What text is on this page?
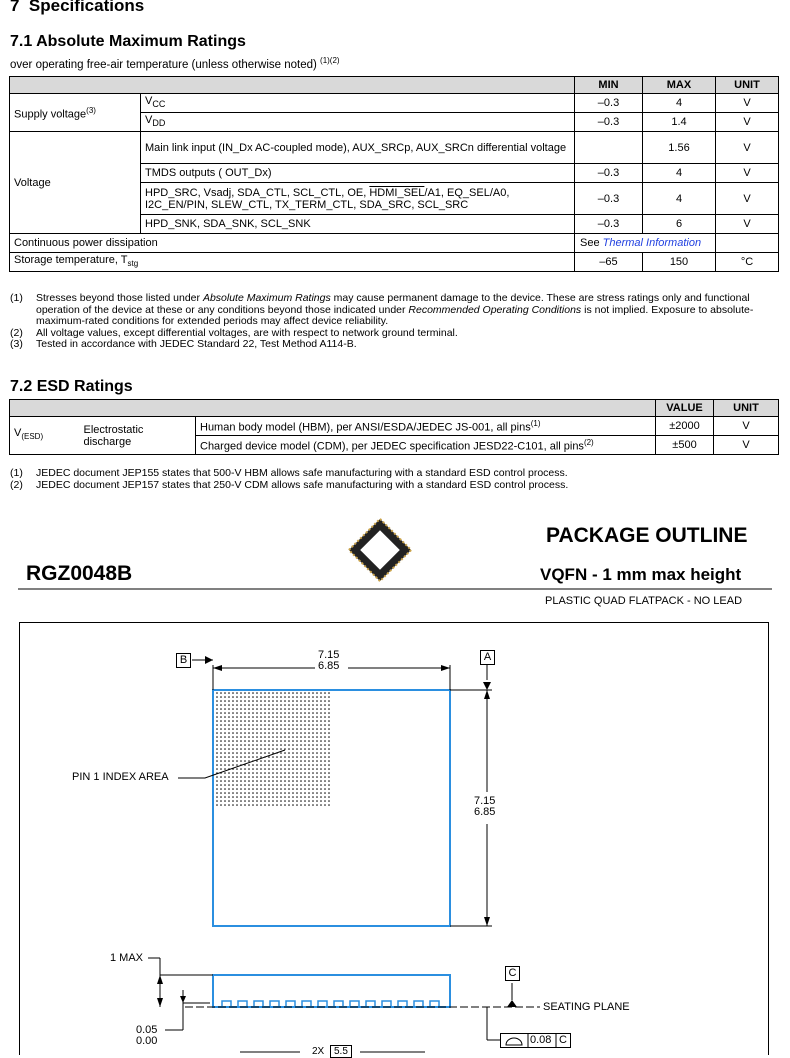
7 Specifications
7.1 Absolute Maximum Ratings
over operating free-air temperature (unless otherwise noted) $^{(1)(2)}$
		MIN	MAX	UNIT
Supply voltage$^{(3)}$	$V_{CC}$	–0.3	4	V
	$V_{DD}$	–0.3	1.4	V
Voltage	Main link input (IN_Dx AC-coupled mode), AUX_SRCp, AUX_SRCn differential voltage		1.56	V
	TMDS outputs ( OUT_Dx)	–0.3	4	V
	HPD_SRC, Vsadj, SDA_CTL, SCL_CTL, OE, HDMI_SEL/A1, EQ_SEL/A0, I2C_EN/PIN, SLEW_CTL, TX_TERM_CTL, SDA_SRC, SCL_SRC	–0.3	4	V
	HPD_SNK, SDA_SNK, SCL_SNK	–0.3	6	V
Continuous power dissipation		See Thermal Information		
Storage temperature, $T_{stg}$		–65	150	°C
(1)	Stresses beyond those listed under Absolute Maximum Ratings may cause permanent damage to the device. These are stress ratings only and functional operation of the device at these or any conditions beyond those indicated under Recommended Operating Conditions is not implied. Exposure to absolute-maximum-rated conditions for extended periods may affect device reliability.
(2)	All voltage values, except differential voltages, are with respect to network ground terminal.
(3)	Tested in accordance with JEDEC Standard 22, Test Method A114-B.
7.2 ESD Ratings
			VALUE	UNIT
$V_{(ESD)}$	Electrostatic discharge	Human body model (HBM), per ANSI/ESDA/JEDEC JS-001, all pins$^{(1)}$	±2000	V
		Charged device model (CDM), per JEDEC specification JESD22-C101, all pins$^{(2)}$	±500	V
(1)	JEDEC document JEP155 states that 500-V HBM allows safe manufacturing with a standard ESD control process.
(2)	JEDEC document JEP157 states that 250-V CDM allows safe manufacturing with a standard ESD control process.
PACKAGE OUTLINE
RGZ0048B	VQFN - 1 mm max height
PLASTIC QUAD FLATPACK - NO LEAD
B	A
7.15
6.85
7.15
6.85
PIN 1 INDEX AREA
1 MAX
C
SEATING PLANE
0.05
0.00	0.08 C
2X 5.5
